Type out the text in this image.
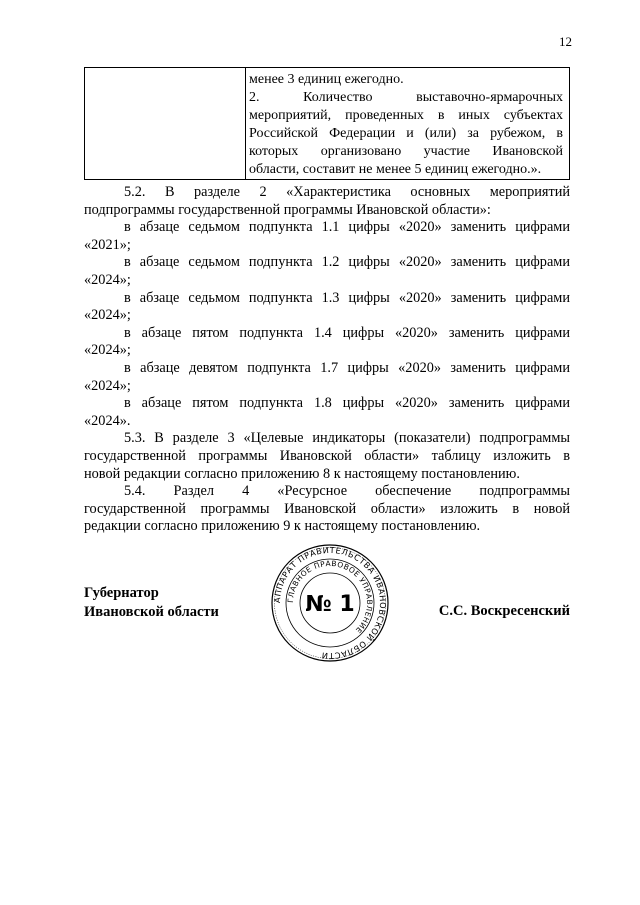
12
менее 3 единиц ежегодно.
2. Количество выставочно-ярмарочных
мероприятий, проведенных в иных субъектах
Российской Федерации и (или) за рубежом, в
которых организовано участие Ивановской
области, составит не менее 5 единиц ежегодно.».
5.2. В разделе 2 «Характеристика основных мероприятий
подпрограммы государственной программы Ивановской области»:
в абзаце седьмом подпункта 1.1 цифры «2020» заменить цифрами
«2021»;
в абзаце седьмом подпункта 1.2 цифры «2020» заменить цифрами
«2024»;
в абзаце седьмом подпункта 1.3 цифры «2020» заменить цифрами
«2024»;
в абзаце пятом подпункта 1.4 цифры «2020» заменить цифрами
«2024»;
в абзаце девятом подпункта 1.7 цифры «2020» заменить цифрами
«2024»;
в абзаце пятом подпункта 1.8 цифры «2020» заменить цифрами
«2024».
5.3. В разделе 3 «Целевые индикаторы (показатели) подпрограммы
государственной программы Ивановской области» таблицу изложить в
новой редакции согласно приложению 8 к настоящему постановлению.
5.4. Раздел 4 «Ресурсное обеспечение подпрограммы
государственной программы Ивановской области» изложить в новой
редакции согласно приложению 9 к настоящему постановлению.
Губернатор
Ивановской области	С.С. Воскресенский
АППАРАТ ПРАВИТЕЛЬСТВА ИВАНОВСКОЙ ОБЛАСТИ
ГЛАВНОЕ ПРАВОВОЕ УПРАВЛЕНИЕ
№ 1
